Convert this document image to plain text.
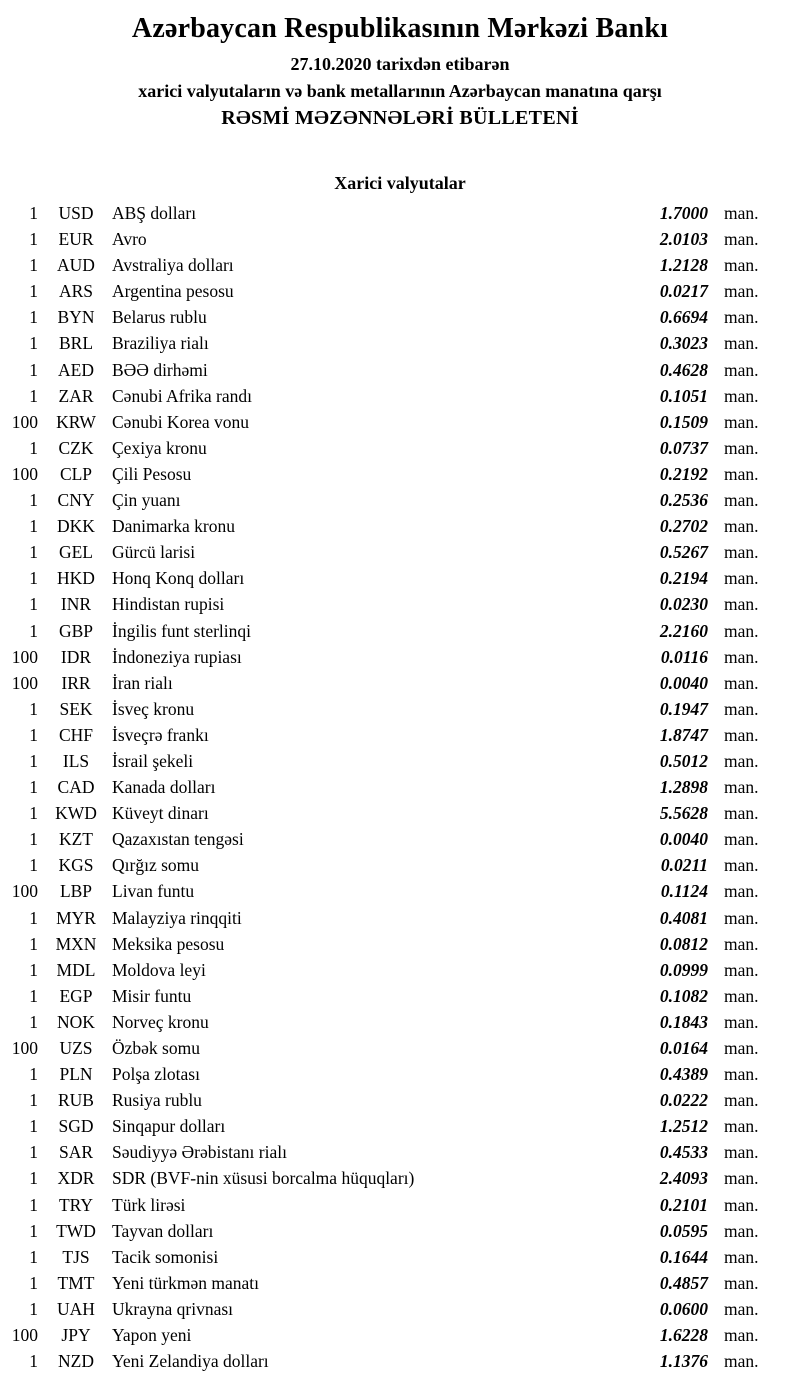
Azərbaycan Respublikasının Mərkəzi Bankı
27.10.2020 tarixdən etibarən
xarici valyutaların və bank metallarının Azərbaycan manatına qarşı
RƏSMİ MƏZƏNNƏLƏRİ BÜLLETENİ
Xarici valyutalar
1	USD	ABŞ dolları	1.7000 man.
1	EUR	Avro	2.0103 man.
1	AUD Avstraliya dolları	1.2128 man.
1	ARS	Argentina pesosu	0.0217 man.
1	BYN	Belarus rublu	0.6694 man.
1	BRL	Braziliya rialı	0.3023 man.
1	AED	BƏƏ dirhəmi	0.4628 man.
1	ZAR	Cənubi Afrika randı	0.1051 man.
100	KRW Cənubi Korea vonu	0.1509 man.
1	CZK	Çexiya kronu	0.0737 man.
100	CLP	Çili Pesosu	0.2192 man.
1	CNY	Çin yuanı	0.2536 man.
1	DKK Danimarka kronu	0.2702 man.
1	GEL	Gürcü larisi	0.5267 man.
1	HKD Honq Konq dolları	0.2194 man.
1	INR	Hindistan rupisi	0.0230 man.
1	GBP	İngilis funt sterlinqi	2.2160 man.
100	IDR	İndoneziya rupiası	0.0116 man.
100	IRR	İran rialı	0.0040 man.
1	SEK	İsveç kronu	0.1947 man.
1	CHF	İsveçrə frankı	1.8747 man.
1	ILS	İsrail şekeli	0.5012 man.
1	CAD	Kanada dolları	1.2898 man.
1 KWD Küveyt dinarı	5.5628 man.
1	KZT	Qazaxıstan tengəsi	0.0040 man.
1	KGS	Qırğız somu	0.0211 man.
100	LBP	Livan funtu	0.1124 man.
1	MYR Malayziya rinqqiti	0.4081 man.
1	MXN Meksika pesosu	0.0812 man.
1	MDL Moldova leyi	0.0999 man.
1	EGP	Misir funtu	0.1082 man.
1	NOK Norveç kronu	0.1843 man.
100	UZS	Özbək somu	0.0164 man.
1	PLN	Polşa zlotası	0.4389 man.
1	RUB	Rusiya rublu	0.0222 man.
1	SGD	Sinqapur dolları	1.2512 man.
1	SAR	Səudiyyə Ərəbistanı rialı	0.4533 man.
1	XDR	SDR (BVF-nin xüsusi borcalma hüquqları)	2.4093 man.
1	TRY	Türk lirəsi	0.2101 man.
1	TWD Tayvan dolları	0.0595 man.
1	TJS	Tacik somonisi	0.1644 man.
1	TMT	Yeni türkmən manatı	0.4857 man.
1	UAH Ukrayna qrivnası	0.0600 man.
100	JPY	Yapon yeni	1.6228 man.
1	NZD	Yeni Zelandiya dolları	1.1376 man.
